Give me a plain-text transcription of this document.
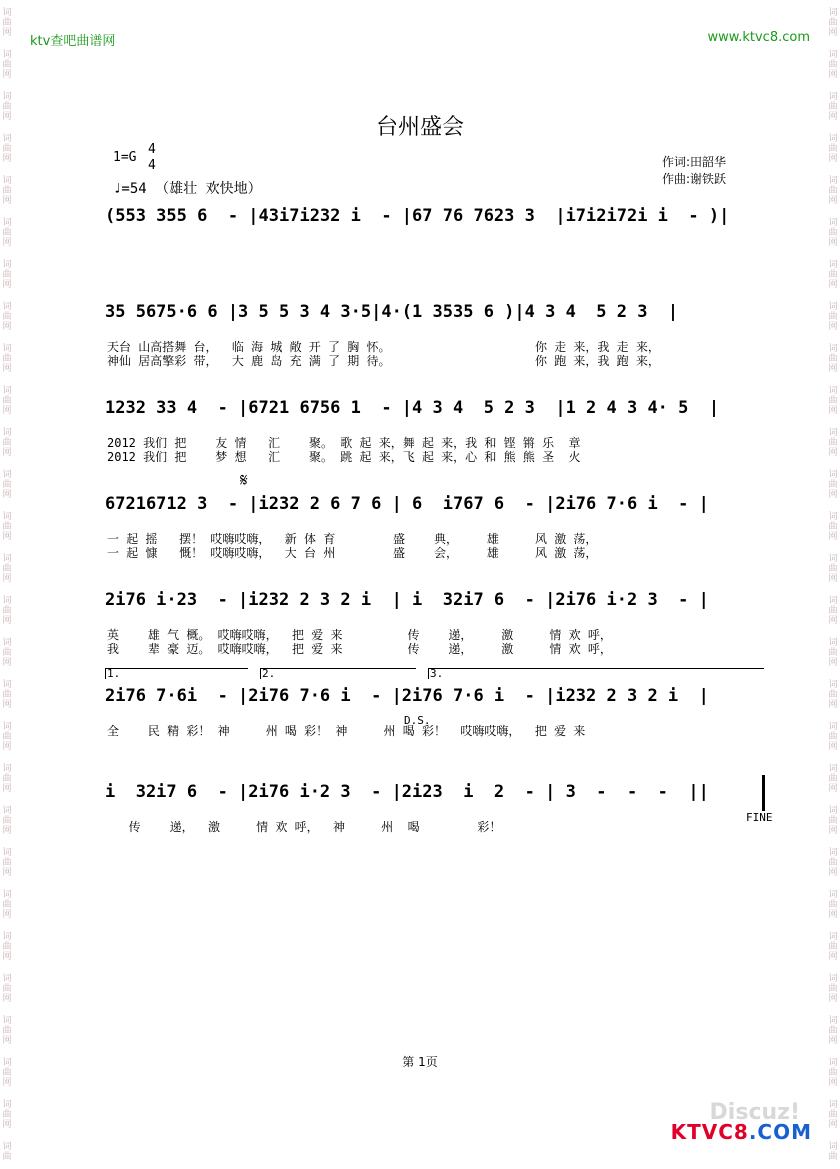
词
曲
网
词
曲
网
词
曲
网
词
曲
网
词
曲
网
词
曲
网
词
曲
网
词
曲
网
词
曲
网
词
曲
网
词
曲
网
词
曲
网
词
曲
网
词
曲
网
词
曲
网
词
曲
网
词
曲
网
词
曲
网
词
曲
网
词
曲
网
词
曲
网
词
曲
网
词
曲
网
词
曲
网
词
曲
网
词
曲
网
词
曲
网
词
曲
词
曲
网
词
曲
网
词
曲
网
词
曲
网
词
曲
网
词
曲
网
词
曲
网
词
曲
网
词
曲
网
词
曲
网
词
曲
网
词
曲
网
词
曲
网
词
曲
网
词
曲
网
词
曲
网
词
曲
网
词
曲
网
词
曲
网
词
曲
网
词
曲
网
词
曲
网
词
曲
网
词
曲
网
词
曲
网
词
曲
网
词
曲
网
词
曲
ktv查吧曲谱网	www.ktvc8.com
台州盛会
1=G
4
4
♩=54 （雄壮 欢快地）
作词:田韶华
作曲:谢铁跃
(553 355 6  - |43i7i232 i  - |67 76 7623 3  |i7i2i72i i  - )|
35 5675·6 6 |3 5 5 3 4 3·5|4·(1 3535 6 )|4 3 4  5 2 3  |
天台 山高搭舞 台，  临 海 城 敞 开 了 胸 怀。                    你 走 来，我 走 来，
神仙 居高擎彩 带，  大 鹿 岛 充 满 了 期 待。                    你 跑 来，我 跑 来，
1232 33 4  - |6721 6756 1  - |4 3 4  5 2 3  |1 2 4 3 4· 5  |
2012 我们 把    友 情   汇    聚。 歌 起 来，舞 起 来，我 和 铿 锵 乐  章
2012 我们 把    梦 想   汇    聚。 跳 起 来，飞 起 来，心 和 熊 熊 圣  火
𝄋
67216712 3  - |i232 2 6 7 6 | 6  i767 6  - |2i76 7·6 i  - |
一 起 摇   摆！ 哎嗨哎嗨，  新 体 育        盛    典，    雄     风 激 荡，
一 起 慷   慨！ 哎嗨哎嗨，  大 台 州        盛    会，    雄     风 激 荡，
2i76 i·23  - |i232 2 3 2 i  | i  32i7 6  - |2i76 i·2 3  - |
英    雄 气 概。 哎嗨哎嗨，  把 爱 来         传    递，    激     情 欢 呼，
我    辈 豪 迈。 哎嗨哎嗨，  把 爱 来         传    递，    激     情 欢 呼，
1.	2.	3.
2i76 7·6i  - |2i76 7·6 i  - |2i76 7·6 i  - |i232 2 3 2 i  |
全    民 精 彩！ 神     州 喝 彩！ 神     州 喝 彩！  哎嗨哎嗨，  把 爱 来
D.S.
i  32i7 6  - |2i76 i·2 3  - |2i23  i  2  - | 3  -  -  -  ||
传    递，  激     情 欢 呼，  神     州  喝        彩！
FINE
第 1页
Discuz!
KTVC8.COM
